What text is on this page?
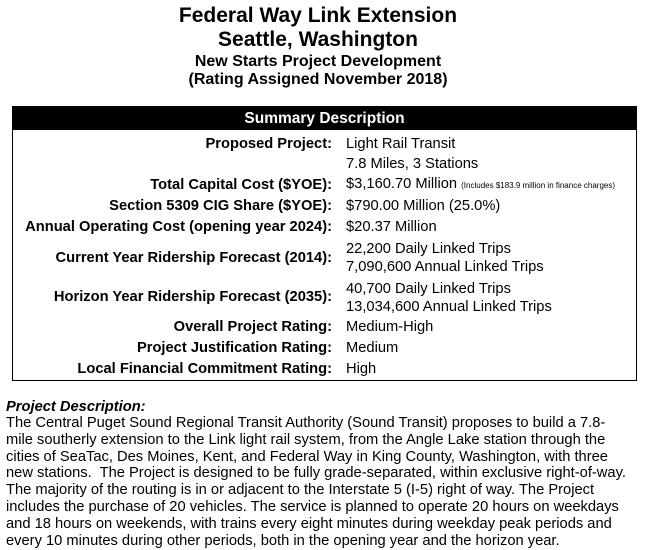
Federal Way Link Extension
Seattle, Washington
New Starts Project Development
(Rating Assigned November 2018)
Summary Description
Proposed Project: Light Rail Transit
7.8 Miles, 3 Stations
Total Capital Cost ($YOE): $3,160.70 Million (Includes $183.9 million in finance charges)
Section 5309 CIG Share ($YOE): $790.00 Million (25.0%)
Annual Operating Cost (opening year 2024): $20.37 Million
Current Year Ridership Forecast (2014):
22,200 Daily Linked Trips
7,090,600 Annual Linked Trips
Horizon Year Ridership Forecast (2035):
40,700 Daily Linked Trips
13,034,600 Annual Linked Trips
Overall Project Rating: Medium-High
Project Justification Rating: Medium
Local Financial Commitment Rating: High
Project Description:
The Central Puget Sound Regional Transit Authority (Sound Transit) proposes to build a 7.8-
mile southerly extension to the Link light rail system, from the Angle Lake station through the
cities of SeaTac, Des Moines, Kent, and Federal Way in King County, Washington, with three
new stations.  The Project is designed to be fully grade-separated, within exclusive right-of-way.
The majority of the routing is in or adjacent to the Interstate 5 (I-5) right of way. The Project
includes the purchase of 20 vehicles. The service is planned to operate 20 hours on weekdays
and 18 hours on weekends, with trains every eight minutes during weekday peak periods and
every 10 minutes during other periods, both in the opening year and the horizon year.
